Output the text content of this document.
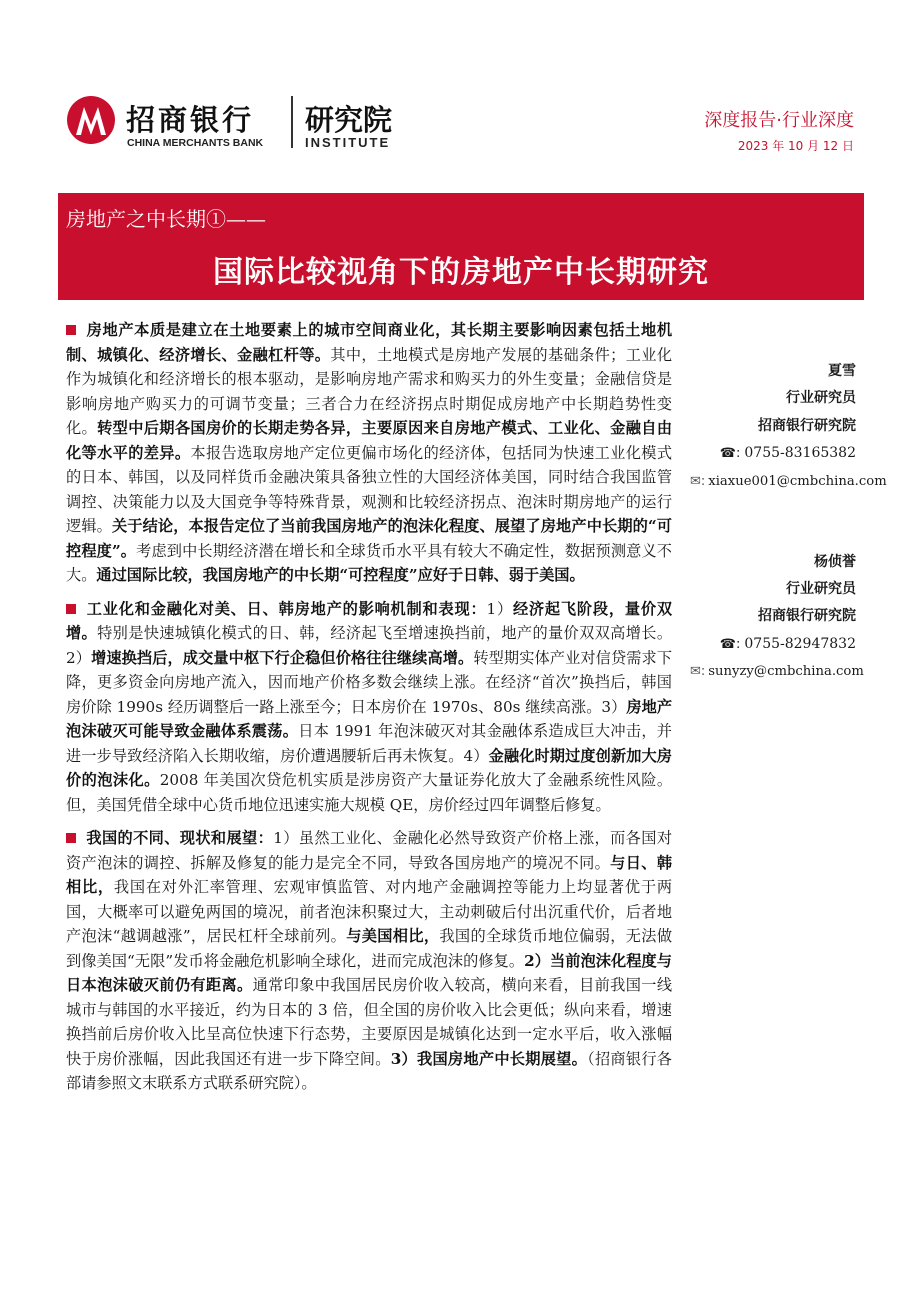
招商银行
CHINA MERCHANTS BANK
研究院
INSTITUTE
深度报告·行业深度
2023 年 10 月 12 日
房地产之中长期①——
国际比较视角下的房地产中长期研究

房地产本质是建立在土地要素上的城市空间商业化，其长期主要影响因素包括土地机制、城镇化、经济增长、金融杠杆等。其中，土地模式是房地产发展的基础条件；工业化作为城镇化和经济增长的根本驱动，是影响房地产需求和购买力的外生变量；金融信贷是影响房地产购买力的可调节变量；三者合力在经济拐点时期促成房地产中长期趋势性变化。转型中后期各国房价的长期走势各异，主要原因来自房地产模式、工业化、金融自由化等水平的差异。本报告选取房地产定位更偏市场化的经济体，包括同为快速工业化模式的日本、韩国，以及同样货币金融决策具备独立性的大国经济体美国，同时结合我国监管调控、决策能力以及大国竞争等特殊背景，观测和比较经济拐点、泡沫时期房地产的运行逻辑。关于结论，本报告定位了当前我国房地产的泡沫化程度、展望了房地产中长期的“可控程度”。考虑到中长期经济潜在增长和全球货币水平具有较大不确定性，数据预测意义不大。通过国际比较，我国房地产的中长期“可控程度”应好于日韩、弱于美国。

工业化和金融化对美、日、韩房地产的影响机制和表现：1）经济起飞阶段，量价双增。特别是快速城镇化模式的日、韩，经济起飞至增速换挡前，地产的量价双双高增长。2）增速换挡后，成交量中枢下行企稳但价格往往继续高增。转型期实体产业对信贷需求下降，更多资金向房地产流入，因而地产价格多数会继续上涨。在经济“首次”换挡后，韩国房价除 1990s 经历调整后一路上涨至今；日本房价在 1970s、80s 继续高涨。3）房地产泡沫破灭可能导致金融体系震荡。日本 1991 年泡沫破灭对其金融体系造成巨大冲击，并进一步导致经济陷入长期收缩，房价遭遇腰斩后再未恢复。4）金融化时期过度创新加大房价的泡沫化。2008 年美国次贷危机实质是涉房资产大量证券化放大了金融系统性风险。但，美国凭借全球中心货币地位迅速实施大规模 QE，房价经过四年调整后修复。

我国的不同、现状和展望：1）虽然工业化、金融化必然导致资产价格上涨，而各国对资产泡沫的调控、拆解及修复的能力是完全不同，导致各国房地产的境况不同。与日、韩相比，我国在对外汇率管理、宏观审慎监管、对内地产金融调控等能力上均显著优于两国，大概率可以避免两国的境况，前者泡沫积聚过大，主动刺破后付出沉重代价，后者地产泡沫“越调越涨”，居民杠杆全球前列。与美国相比，我国的全球货币地位偏弱，无法做到像美国“无限”发币将金融危机影响全球化，进而完成泡沫的修复。2）当前泡沫化程度与日本泡沫破灭前仍有距离。通常印象中我国居民房价收入较高，横向来看，目前我国一线城市与韩国的水平接近，约为日本的 3 倍，但全国的房价收入比会更低；纵向来看，增速换挡前后房价收入比呈高位快速下行态势，主要原因是城镇化达到一定水平后，收入涨幅快于房价涨幅，因此我国还有进一步下降空间。3）我国房地产中长期展望。（招商银行各部请参照文末联系方式联系研究院）。

夏雪
行业研究员
招商银行研究院
☎: 0755-83165382
✉: xiaxue001@cmbchina.com
杨侦誉
行业研究员
招商银行研究院
☎: 0755-82947832
✉: sunyzy@cmbchina.com
